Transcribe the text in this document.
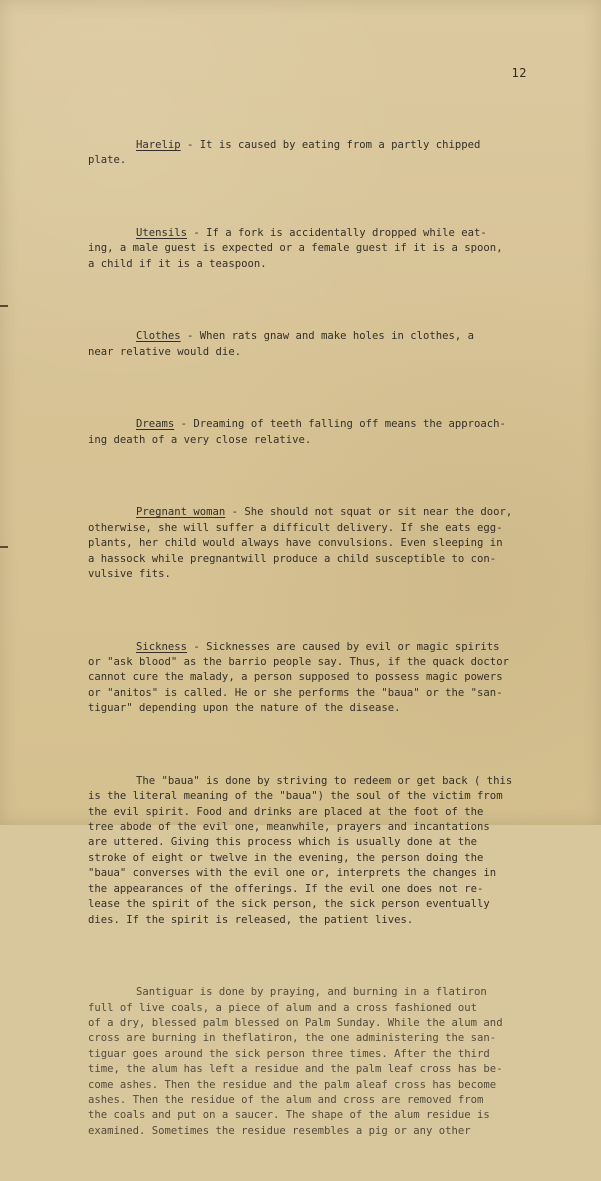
12

Harelip - It is caused by eating from a partly chipped
plate.

Utensils - If a fork is accidentally dropped while eat-
ing, a male guest is expected or a female guest if it is a spoon,
a child if it is a teaspoon.

Clothes - When rats gnaw and make holes in clothes, a
near relative would die.

Dreams - Dreaming of teeth falling off means the approach-
ing death of a very close relative.

Pregnant woman - She should not squat or sit near the door,
otherwise, she will suffer a difficult delivery. If she eats egg-
plants, her child would always have convulsions. Even sleeping in
a hassock while pregnantwill produce a child susceptible to con-
vulsive fits.

Sickness - Sicknesses are caused by evil or magic spirits
or "ask blood" as the barrio people say. Thus, if the quack doctor
cannot cure the malady, a person supposed to possess magic powers
or "anitos" is called. He or she performs the "baua" or the "san-
tiguar" depending upon the nature of the disease.

The "baua" is done by striving to redeem or get back ( this
is the literal meaning of the "baua") the soul of the victim from
the evil spirit. Food and drinks are placed at the foot of the
tree abode of the evil one, meanwhile, prayers and incantations
are uttered. Giving this process which is usually done at the
stroke of eight or twelve in the evening, the person doing the
"baua" converses with the evil one or, interprets the changes in
the appearances of the offerings. If the evil one does not re-
lease the spirit of the sick person, the sick person eventually
dies. If the spirit is released, the patient lives.

Santiguar is done by praying, and burning in a flatiron
full of live coals, a piece of alum and a cross fashioned out
of a dry, blessed palm blessed on Palm Sunday. While the alum and
cross are burning in theflatiron, the one administering the san-
tiguar goes around the sick person three times. After the third
time, the alum has left a residue and the palm leaf cross has be-
come ashes. Then the residue and the palm aleaf cross has become
ashes. Then the residue of the alum and cross are removed from
the coals and put on a saucer. The shape of the alum residue is
examined. Sometimes the residue resembles a pig or any other
